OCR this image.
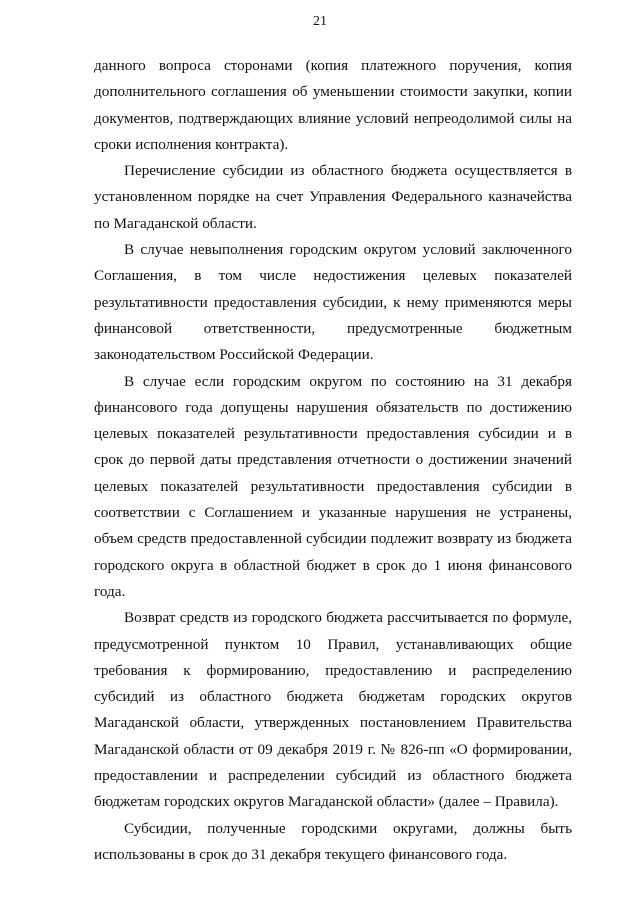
21

данного вопроса сторонами (копия платежного поручения, копия дополнительного соглашения об уменьшении стоимости закупки, копии документов, подтверждающих влияние условий непреодолимой силы на сроки исполнения контракта).

Перечисление субсидии из областного бюджета осуществляется в установленном порядке на счет Управления Федерального казначейства по Магаданской области.

В случае невыполнения городским округом условий заключенного Соглашения, в том числе недостижения целевых показателей результативности предоставления субсидии, к нему применяются меры финансовой ответственности, предусмотренные бюджетным законодательством Российской Федерации.

В случае если городским округом по состоянию на 31 декабря финансового года допущены нарушения обязательств по достижению целевых показателей результативности предоставления субсидии и в срок до первой даты представления отчетности о достижении значений целевых показателей результативности предоставления субсидии в соответствии с Соглашением и указанные нарушения не устранены, объем средств предоставленной субсидии подлежит возврату из бюджета городского округа в областной бюджет в срок до 1 июня финансового года.

Возврат средств из городского бюджета рассчитывается по формуле, предусмотренной пунктом 10 Правил, устанавливающих общие требования к формированию, предоставлению и распределению субсидий из областного бюджета бюджетам городских округов Магаданской области, утвержденных постановлением Правительства Магаданской области от 09 декабря 2019 г. № 826-пп «О формировании, предоставлении и распределении субсидий из областного бюджета бюджетам городских округов Магаданской области» (далее – Правила).

Субсидии, полученные городскими округами, должны быть использованы в срок до 31 декабря текущего финансового года.
